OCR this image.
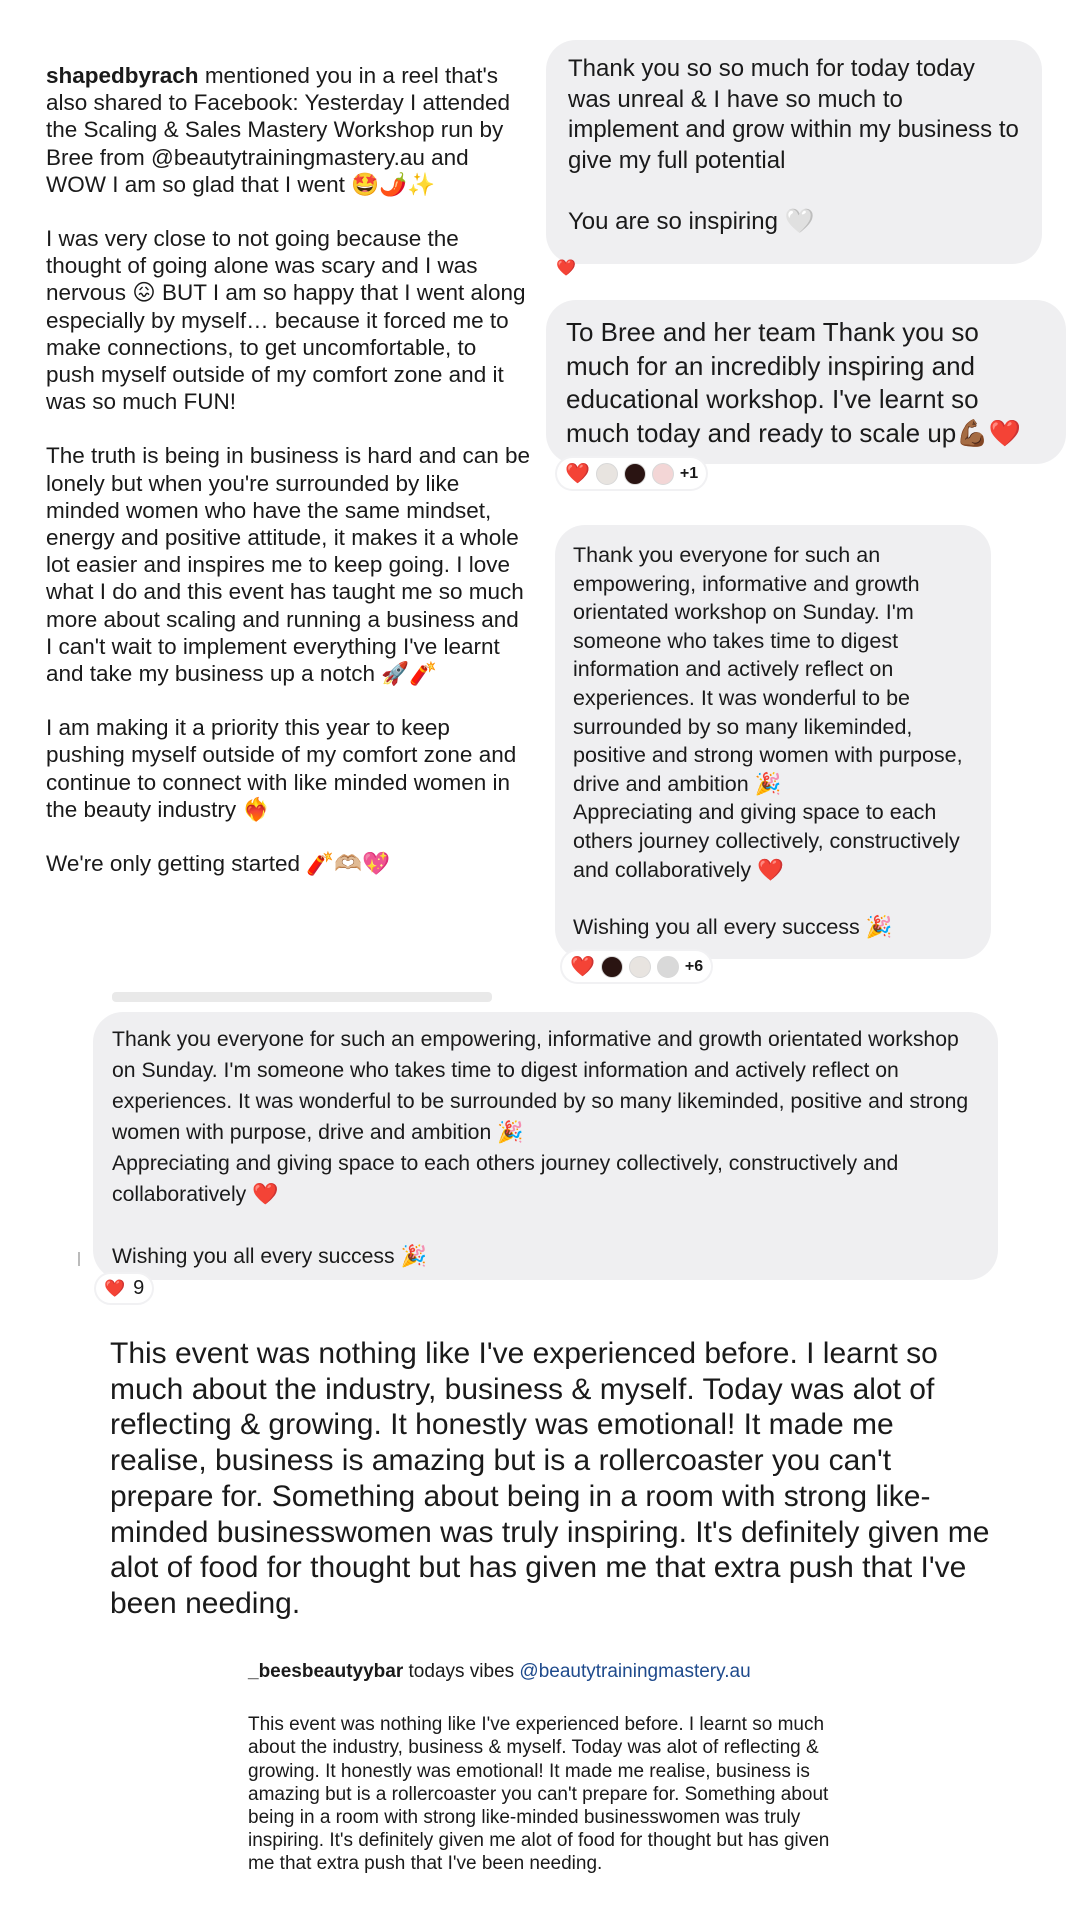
shapedbyrach mentioned you in a reel that's also shared to Facebook: Yesterday I attended the Scaling & Sales Mastery Workshop run by Bree from @beautytrainingmastery.au and WOW I am so glad that I went 🤩🌶️✨

I was very close to not going because the thought of going alone was scary and I was nervous 😖 BUT I am so happy that I went along especially by myself… because it forced me to make connections, to get uncomfortable, to push myself outside of my comfort zone and it was so much FUN!

The truth is being in business is hard and can be lonely but when you're surrounded by like minded women who have the same mindset, energy and positive attitude, it makes it a whole lot easier and inspires me to keep going. I love what I do and this event has taught me so much more about scaling and running a business and I can't wait to implement everything I've learnt and take my business up a notch 🚀🧨

I am making it a priority this year to keep pushing myself outside of my comfort zone and continue to connect with like minded women in the beauty industry ❤️‍🔥

We're only getting started 🧨🫶🏼💖

Thank you so so much for today today was unreal & I have so much to implement and grow within my business to give my full potential

You are so inspiring 🤍
❤️
To Bree and her team Thank you so much for an incredibly inspiring and educational workshop. I've learnt so much today and ready to scale up💪🏾❤️
❤️	+1
Thank you everyone for such an empowering, informative and growth orientated workshop on Sunday. I'm someone who takes time to digest information and actively reflect on experiences. It was wonderful to be surrounded by so many likeminded, positive and strong women with purpose, drive and ambition 🎉
Appreciating and giving space to each others journey collectively, constructively and collaboratively ❤️

Wishing you all every success 🎉
❤️	+6
Thank you everyone for such an empowering, informative and growth orientated workshop on Sunday. I'm someone who takes time to digest information and actively reflect on experiences. It was wonderful to be surrounded by so many likeminded, positive and strong women with purpose, drive and ambition 🎉
Appreciating and giving space to each others journey collectively, constructively and collaboratively ❤️

Wishing you all every success 🎉
❤️ 9
This event was nothing like I've experienced before. I learnt so much about the industry, business & myself. Today was alot of reflecting & growing. It honestly was emotional! It made me realise, business is amazing but is a rollercoaster you can't prepare for. Something about being in a room with strong like-minded businesswomen was truly inspiring. It's definitely given me alot of food for thought but has given me that extra push that I've been needing.

_beesbeautyybar todays vibes @beautytrainingmastery.au

This event was nothing like I've experienced before. I learnt so much about the industry, business & myself. Today was alot of reflecting & growing. It honestly was emotional! It made me realise, business is amazing but is a rollercoaster you can't prepare for. Something about being in a room with strong like-minded businesswomen was truly inspiring. It's definitely given me alot of food for thought but has given me that extra push that I've been needing.
